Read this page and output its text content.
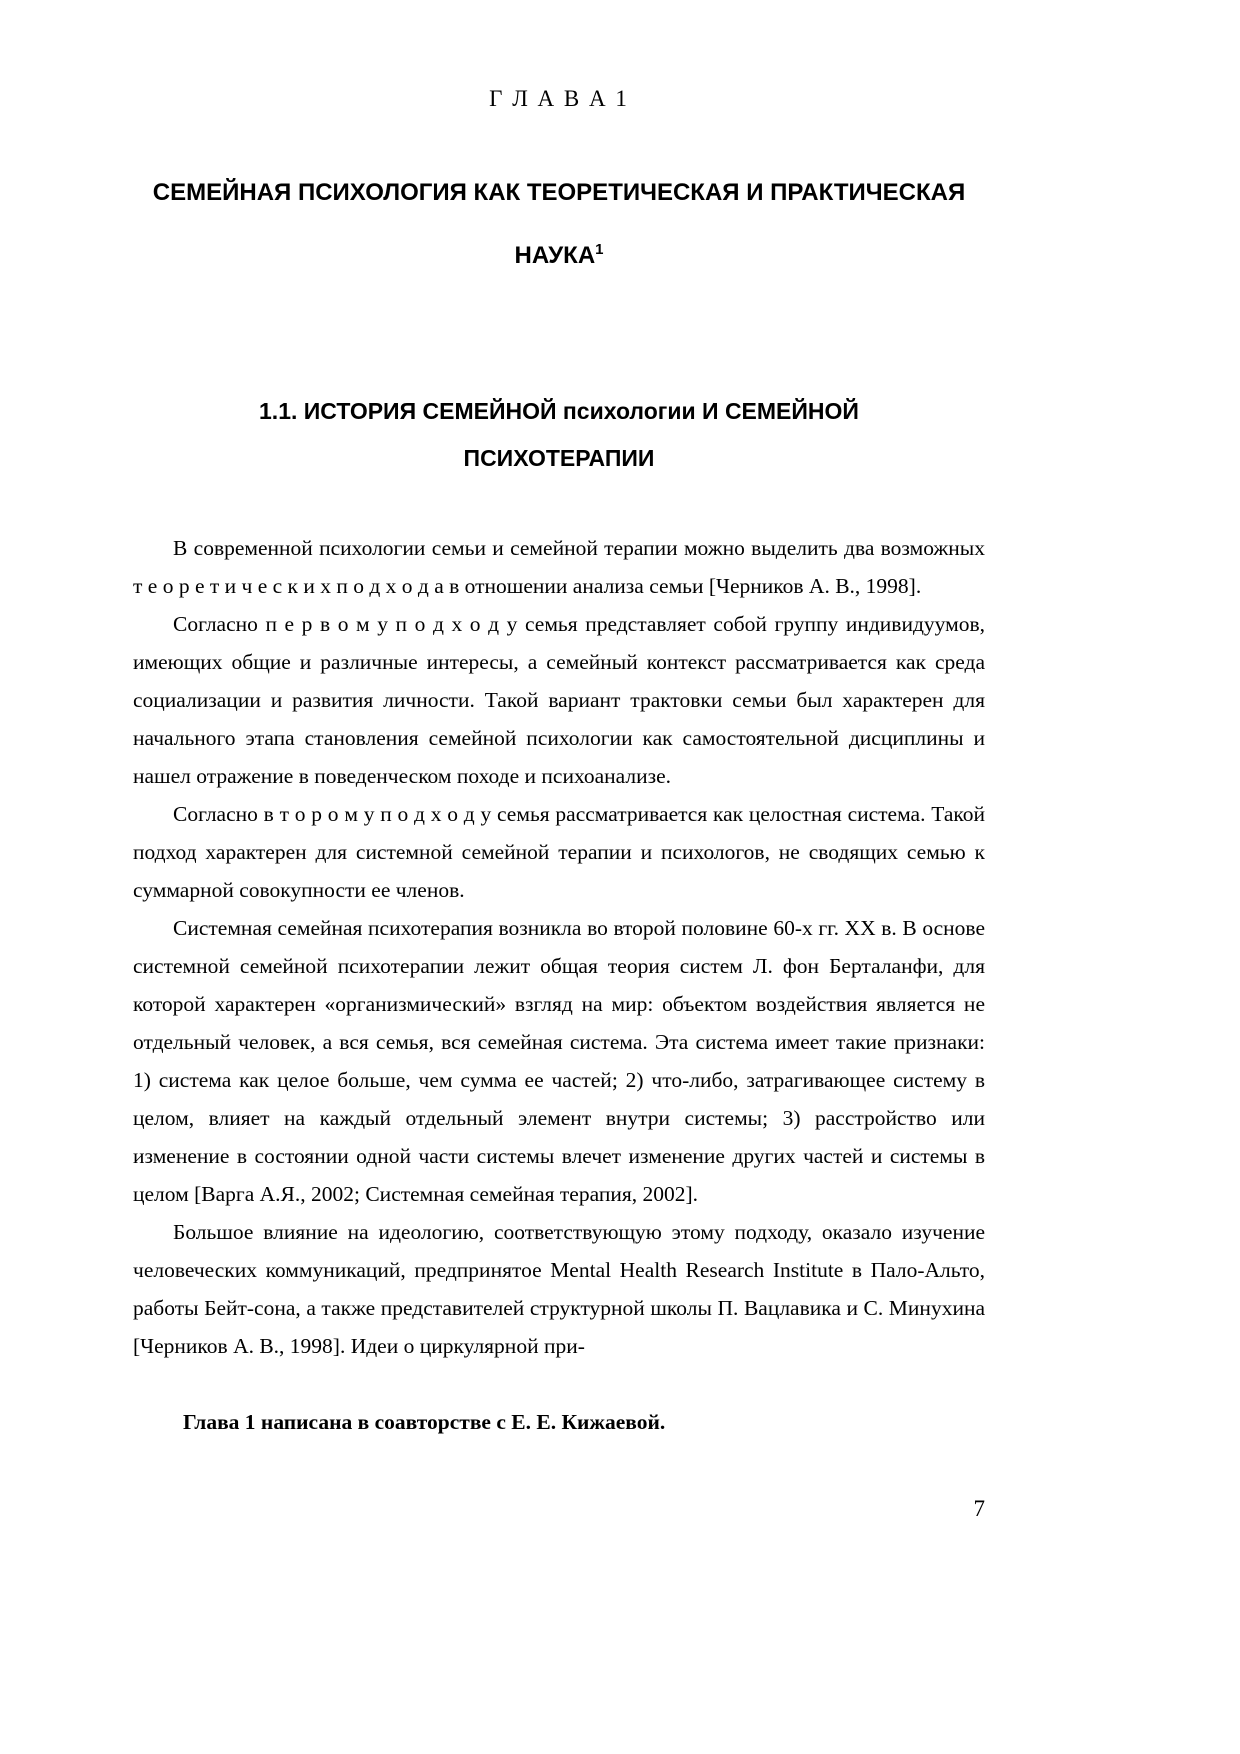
Г Л А В А 1
СЕМЕЙНАЯ ПСИХОЛОГИЯ КАК ТЕОРЕТИЧЕСКАЯ И ПРАКТИЧЕСКАЯ
НАУКА$^1$
1.1. ИСТОРИЯ СЕМЕЙНОЙ психологии И СЕМЕЙНОЙ
ПСИХОТЕРАПИИ

В современной психологии семьи и семейной терапии можно выделить два возможных т е о р е т и ч е с к и х п о д х о д а в отношении анализа семьи [Черников А. В., 1998].

Согласно п е р в о м у п о д х о д у семья представляет собой группу индивидуумов, имеющих общие и различные интересы, а семейный контекст рассматривается как среда социализации и развития личности. Такой вариант трактовки семьи был характерен для начального этапа становления семейной психологии как самостоятельной дисциплины и нашел отражение в поведенческом походе и психоанализе.

Согласно в т о р о м у п о д х о д у семья рассматривается как целостная система. Такой подход характерен для системной семейной терапии и психологов, не сводящих семью к суммарной совокупности ее членов.

Системная семейная психотерапия возникла во второй половине 60-х гг. XX в. В основе системной семейной психотерапии лежит общая теория систем Л. фон Берталанфи, для которой характерен «организмический» взгляд на мир: объектом воздействия является не отдельный человек, а вся семья, вся семейная система. Эта система имеет такие признаки: 1) система как целое больше, чем сумма ее частей; 2) что-либо, затрагивающее систему в целом, влияет на каждый отдельный элемент внутри системы; 3) расстройство или изменение в состоянии одной части системы влечет изменение других частей и системы в целом [Варга А.Я., 2002; Системная семейная терапия, 2002].

Большое влияние на идеологию, соответствующую этому подходу, оказало изучение человеческих коммуникаций, предпринятое Mental Health Research Institute в Пало-Альто, работы Бейт-сона, а также представителей структурной школы П. Вацлавика и С. Минухина [Черников А. В., 1998]. Идеи о циркулярной при-

Глава 1 написана в соавторстве с Е. Е. Кижаевой.
7
